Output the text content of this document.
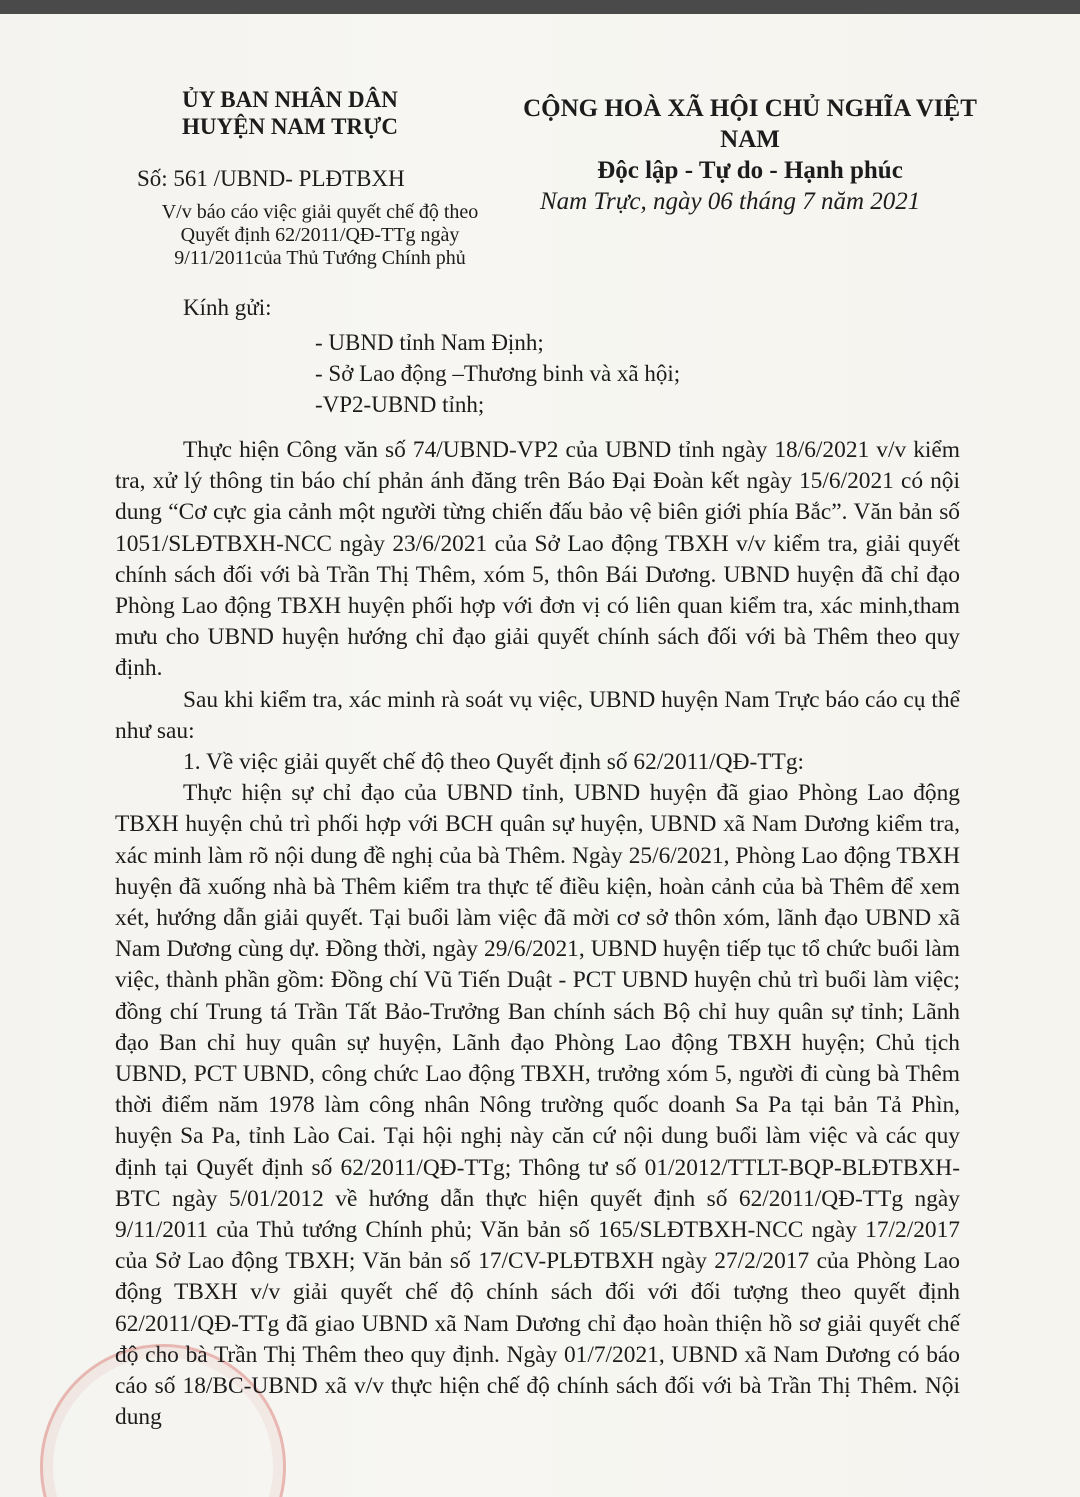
ỦY BAN NHÂN DÂN

HUYỆN NAM TRỰC
CỘNG HOÀ XÃ HỘI CHỦ NGHĨA VIỆT NAM
Độc lập - Tự do - Hạnh phúc
Số: 561 /UBND- PLĐTBXH
V/v báo cáo việc giải quyết chế độ theo
Quyết định 62/2011/QĐ-TTg ngày
9/11/2011của Thủ Tướng Chính phủ
Nam Trực, ngày 06 tháng 7 năm 2021
Kính gửi:
- UBND tỉnh Nam Định;
- Sở Lao động –Thương binh và xã hội;
-VP2-UBND tỉnh;

Thực hiện Công văn số 74/UBND-VP2 của UBND tỉnh ngày 18/6/2021 v/v kiểm tra, xử lý thông tin báo chí phản ánh đăng trên Báo Đại Đoàn kết ngày 15/6/2021 có nội dung “Cơ cực gia cảnh một người từng chiến đấu bảo vệ biên giới phía Bắc”. Văn bản số 1051/SLĐTBXH-NCC ngày 23/6/2021 của Sở Lao động TBXH v/v kiểm tra, giải quyết chính sách đối với bà Trần Thị Thêm, xóm 5, thôn Bái Dương. UBND huyện đã chỉ đạo Phòng Lao động TBXH huyện phối hợp với đơn vị có liên quan kiểm tra, xác minh,tham mưu cho UBND huyện hướng chỉ đạo giải quyết chính sách đối với bà Thêm theo quy định.

Sau khi kiểm tra, xác minh rà soát vụ việc, UBND huyện Nam Trực báo cáo cụ thể như sau:

1. Về việc giải quyết chế độ theo Quyết định số 62/2011/QĐ-TTg:

Thực hiện sự chỉ đạo của UBND tỉnh, UBND huyện đã giao Phòng Lao động TBXH huyện chủ trì phối hợp với BCH quân sự huyện, UBND xã Nam Dương kiểm tra, xác minh làm rõ nội dung đề nghị của bà Thêm. Ngày 25/6/2021, Phòng Lao động TBXH huyện đã xuống nhà bà Thêm kiểm tra thực tế điều kiện, hoàn cảnh của bà Thêm để xem xét, hướng dẫn giải quyết. Tại buổi làm việc đã mời cơ sở thôn xóm, lãnh đạo UBND xã Nam Dương cùng dự. Đồng thời, ngày 29/6/2021, UBND huyện tiếp tục tổ chức buổi làm việc, thành phần gồm: Đồng chí Vũ Tiến Duật - PCT UBND huyện chủ trì buổi làm việc; đồng chí Trung tá Trần Tất Bảo-Trưởng Ban chính sách Bộ chỉ huy quân sự tỉnh; Lãnh đạo Ban chỉ huy quân sự huyện, Lãnh đạo Phòng Lao động TBXH huyện; Chủ tịch UBND, PCT UBND, công chức Lao động TBXH, trưởng xóm 5, người đi cùng bà Thêm thời điểm năm 1978 làm công nhân Nông trường quốc doanh Sa Pa tại bản Tả Phìn, huyện Sa Pa, tỉnh Lào Cai. Tại hội nghị này căn cứ nội dung buổi làm việc và các quy định tại Quyết định số 62/2011/QĐ-TTg; Thông tư số 01/2012/TTLT-BQP-BLĐTBXH-BTC ngày 5/01/2012 về hướng dẫn thực hiện quyết định số 62/2011/QĐ-TTg ngày 9/11/2011 của Thủ tướng Chính phủ; Văn bản số 165/SLĐTBXH-NCC ngày 17/2/2017 của Sở Lao động TBXH; Văn bản số 17/CV-PLĐTBXH ngày 27/2/2017 của Phòng Lao động TBXH v/v giải quyết chế độ chính sách đối với đối tượng theo quyết định 62/2011/QĐ-TTg đã giao UBND xã Nam Dương chỉ đạo hoàn thiện hồ sơ giải quyết chế độ cho bà Trần Thị Thêm theo quy định. Ngày 01/7/2021, UBND xã Nam Dương có báo cáo số 18/BC-UBND xã v/v thực hiện chế độ chính sách đối với bà Trần Thị Thêm. Nội dung
